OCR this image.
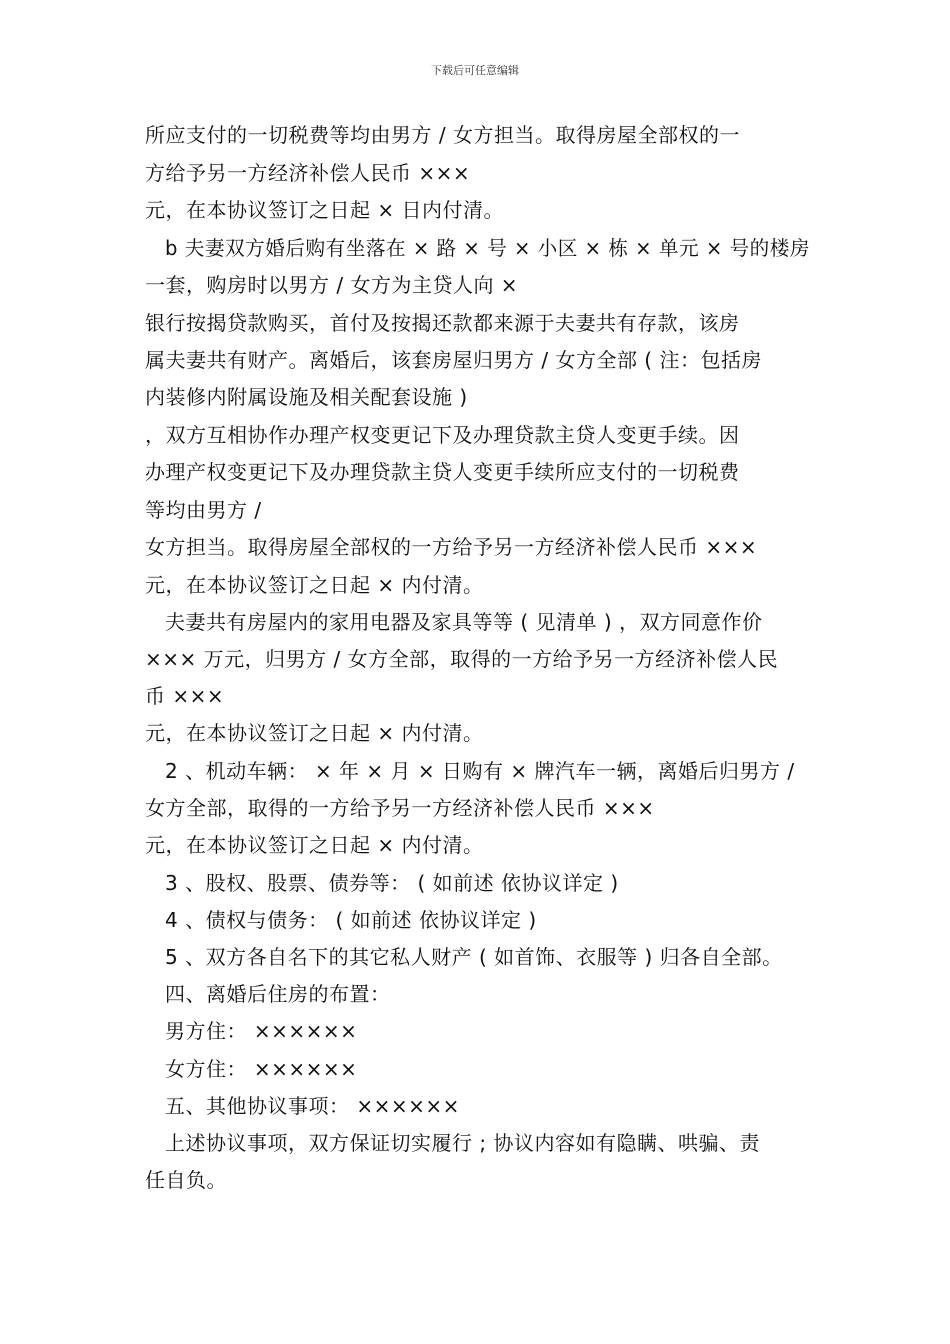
下载后可任意编辑
所应支付的一切税费等均由男方 / 女方担当。取得房屋全部权的一
方给予另一方经济补偿人民币 ×××
元，在本协议签订之日起 × 日内付清。
b 夫妻双方婚后购有坐落在 × 路 × 号 × 小区 × 栋 × 单元 × 号的楼房
一套，购房时以男方 / 女方为主贷人向 ×
银行按揭贷款购买，首付及按揭还款都来源于夫妻共有存款，该房
属夫妻共有财产。离婚后，该套房屋归男方 / 女方全部 ( 注：包括房
内装修内附属设施及相关配套设施 )
，双方互相协作办理产权变更记下及办理贷款主贷人变更手续。因
办理产权变更记下及办理贷款主贷人变更手续所应支付的一切税费
等均由男方 /
女方担当。取得房屋全部权的一方给予另一方经济补偿人民币 ×××
元，在本协议签订之日起 × 内付清。
夫妻共有房屋内的家用电器及家具等等 ( 见清单 ) ，双方同意作价
××× 万元，归男方 / 女方全部，取得的一方给予另一方经济补偿人民
币 ×××
元，在本协议签订之日起 × 内付清。
2 、机动车辆： × 年 × 月 × 日购有 × 牌汽车一辆，离婚后归男方 /
女方全部，取得的一方给予另一方经济补偿人民币 ×××
元，在本协议签订之日起 × 内付清。
3 、股权、股票、债券等： ( 如前述 依协议详定 )
4 、债权与债务： ( 如前述 依协议详定 )
5 、双方各自名下的其它私人财产 ( 如首饰、衣服等 ) 归各自全部。
四、离婚后住房的布置：
男方住： ××××××
女方住： ××××××
五、其他协议事项： ××××××
上述协议事项，双方保证切实履行 ; 协议内容如有隐瞒、哄骗、责
任自负。
